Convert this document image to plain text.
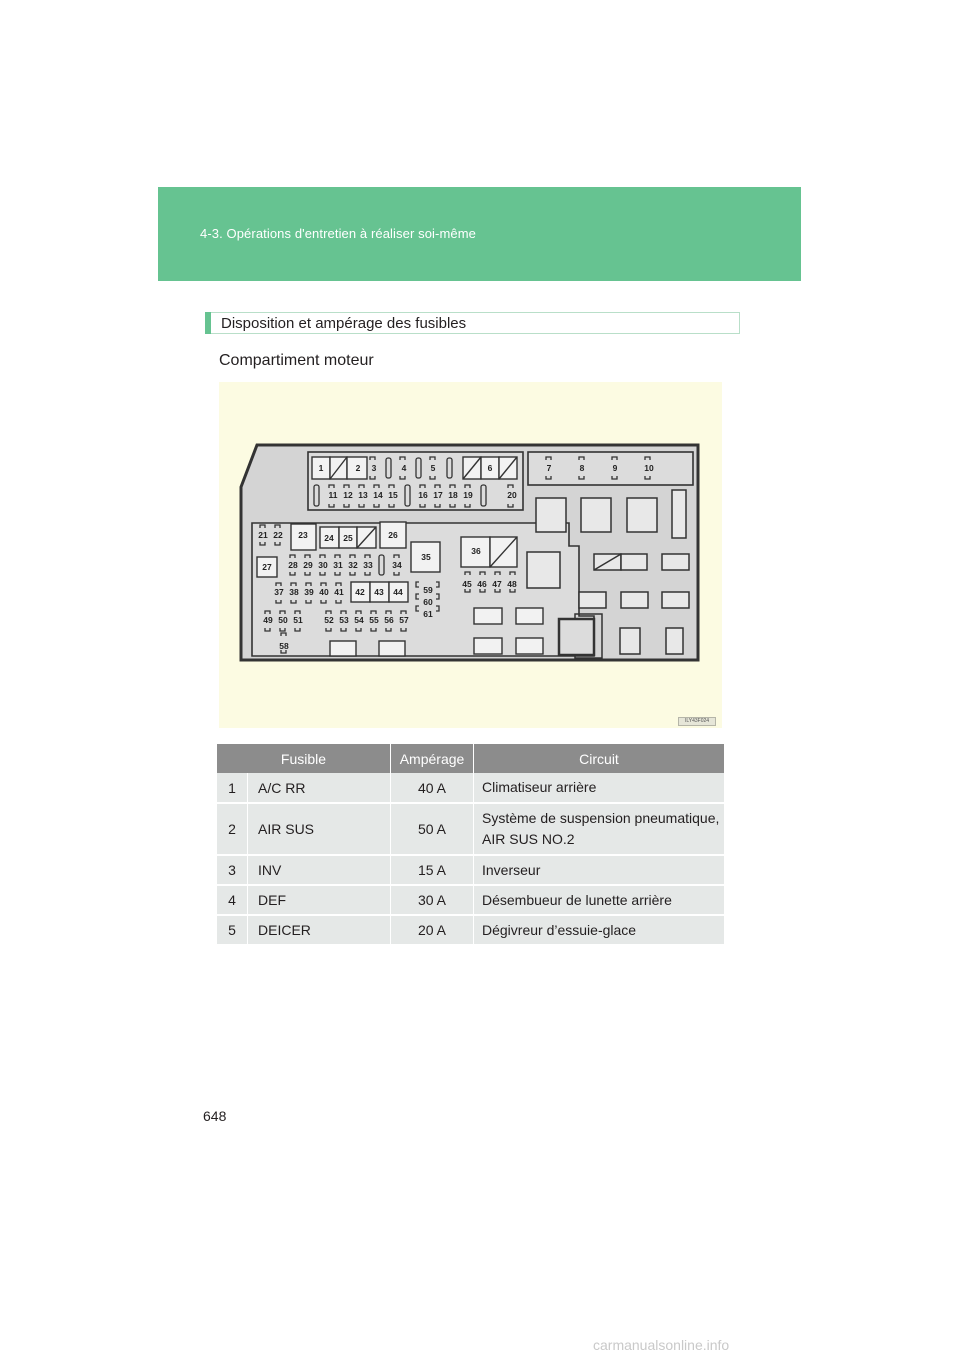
4-3. Opérations d'entretien à réaliser soi-même
Disposition et ampérage des fusibles
Compartiment moteur
1	2 3	4	5	6	7	8	9	10
11 12 13 14 15 16 17 18 19	20
21 22 23 24 25	26
27 28 29 30 31 32 33 34
35
36
37 38 39 40 41 42 43 44
45 46 47 48
49 50 51	52 53 54 55 56 57
58
59
60
61
ILY43F024
Fusible		Ampérage	Circuit
1	A/C RR	40 A	Climatiseur arrière
2	AIR SUS	50 A	Système de suspension pneumatique,
AIR SUS NO.2

3	INV	15 A	Inverseur
4	DEF	30 A	Désembueur de lunette arrière
5	DEICER	20 A	Dégivreur d’essuie-glace
648
carmanualsonline.info
